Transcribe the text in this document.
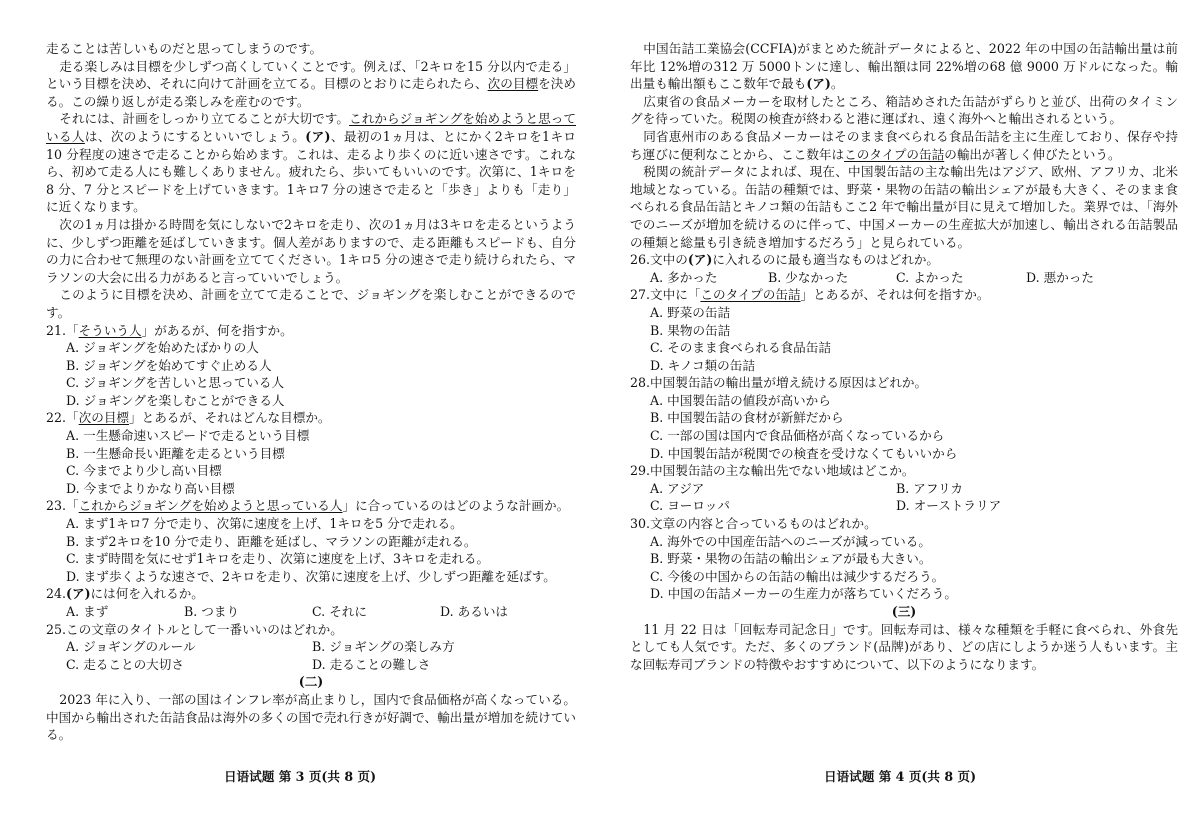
走ることは苦しいものだと思ってしまうのです。

走る楽しみは目標を少しずつ高くしていくことです。例えば、「2キロを15 分以内で走る」という目標を決め、それに向けて計画を立てる。目標のとおりに走られたら、次の目標を決める。この繰り返しが走る楽しみを産むのです。

それには、計画をしっかり立てることが大切です。これからジョギングを始めようと思っている人は、次のようにするといいでしょう。(ア)、最初の1ヵ月は、とにかく2キロを1キロ10 分程度の速さで走ることから始めます。これは、走るより歩くのに近い速さです。これなら、初めて走る人にも難しくありません。疲れたら、歩いてもいいのです。次第に、1キロを8 分、7 分とスピードを上げていきます。1キロ7 分の速さで走ると「歩き」よりも「走り」に近くなります。

次の1ヵ月は掛かる時間を気にしないで2キロを走り、次の1ヵ月は3キロを走るというように、少しずつ距離を延ばしていきます。個人差がありますので、走る距離もスピードも、自分の力に合わせて無理のない計画を立ててください。1キロ5 分の速さで走り続けられたら、マラソンの大会に出る力があると言っていいでしょう。

このように目標を決め、計画を立てて走ることで、ジョギングを楽しむことができるのです。

21.「そういう人」があるが、何を指すか。

A. ジョギングを始めたばかりの人

B. ジョギングを始めてすぐ止める人

C. ジョギングを苦しいと思っている人

D. ジョギングを楽しむことができる人

22.「次の目標」とあるが、それはどんな目標か。

A. 一生懸命速いスピードで走るという目標

B. 一生懸命長い距離を走るという目標

C. 今までより少し高い目標

D. 今までよりかなり高い目標

23.「これからジョギングを始めようと思っている人」に合っているのはどのような計画か。

A. まず1キロ7 分で走り、次第に速度を上げ、1キロを5 分で走れる。

B. まず2キロを10 分で走り、距離を延ばし、マラソンの距離が走れる。

C. まず時間を気にせず1キロを走り、次第に速度を上げ、3キロを走れる。

D. まず歩くような速さで、2キロを走り、次第に速度を上げ、少しずつ距離を延ばす。

24.(ア)には何を入れるか。

A. まず	B. つまり	C. それに	D. あるいは

25.この文章のタイトルとして一番いいのはどれか。

A. ジョギングのルール	B. ジョギングの楽しみ方
C. 走ることの大切さ	D. 走ることの難しさ

(二)

2023 年に入り、一部の国はインフレ率が高止まりし，国内で食品価格が高くなっている。中国から輸出された缶詰食品は海外の多くの国で売れ行きが好調で、輸出量が増加を続けている。

日语试题 第 3 页(共 8 页)

中国缶詰工業協会(CCFIA)がまとめた統計データによると、2022 年の中国の缶詰輸出量は前年比 12%増の312 万 5000トンに達し、輸出額は同 22%増の68 億 9000 万ドルになった。輸出量も輸出額もここ数年で最も(ア)。

広東省の食品メーカーを取材したところ、箱詰めされた缶詰がずらりと並び、出荷のタイミングを待っていた。税関の検査が終わると港に運ばれ、遠く海外へと輸出されるという。

同省恵州市のある食品メーカーはそのまま食べられる食品缶詰を主に生産しており、保存や持ち運びに便利なことから、ここ数年はこのタイプの缶詰の輸出が著しく伸びたという。

税関の統計データによれば、現在、中国製缶詰の主な輸出先はアジア、欧州、アフリカ、北米地域となっている。缶詰の種類では、野菜・果物の缶詰の輸出シェアが最も大きく、そのまま食べられる食品缶詰とキノコ類の缶詰もここ2 年で輸出量が目に見えて増加した。業界では、「海外でのニーズが増加を続けるのに伴って、中国メーカーの生産拡大が加速し、輸出される缶詰製品の種類と総量も引き続き増加するだろう」と見られている。

26.文中の(ア)に入れるのに最も適当なものはどれか。

A. 多かった	B. 少なかった	C. よかった	D. 悪かった

27.文中に「このタイプの缶詰」とあるが、それは何を指すか。

A. 野菜の缶詰

B. 果物の缶詰

C. そのまま食べられる食品缶詰

D. キノコ類の缶詰

28.中国製缶詰の輸出量が増え続ける原因はどれか。

A. 中国製缶詰の値段が高いから

B. 中国製缶詰の食材が新鮮だから

C. 一部の国は国内で食品価格が高くなっているから

D. 中国製缶詰が税関での検査を受けなくてもいいから

29.中国製缶詰の主な輸出先でない地域はどこか。

A. アジア	B. アフリカ
C. ヨーロッパ	D. オーストラリア

30.文章の内容と合っているものはどれか。

A. 海外での中国産缶詰へのニーズが減っている。

B. 野菜・果物の缶詰の輸出シェアが最も大きい。

C. 今後の中国からの缶詰の輸出は減少するだろう。

D. 中国の缶詰メーカーの生産力が落ちていくだろう。

(三)

11 月 22 日は「回転寿司記念日」です。回転寿司は、様々な種類を手軽に食べられ、外食先としても人気です。ただ、多くのブランド(品牌)があり、どの店にしようか迷う人もいます。主な回転寿司ブランドの特徴やおすすめについて、以下のようになります。

日语试题 第 4 页(共 8 页)
